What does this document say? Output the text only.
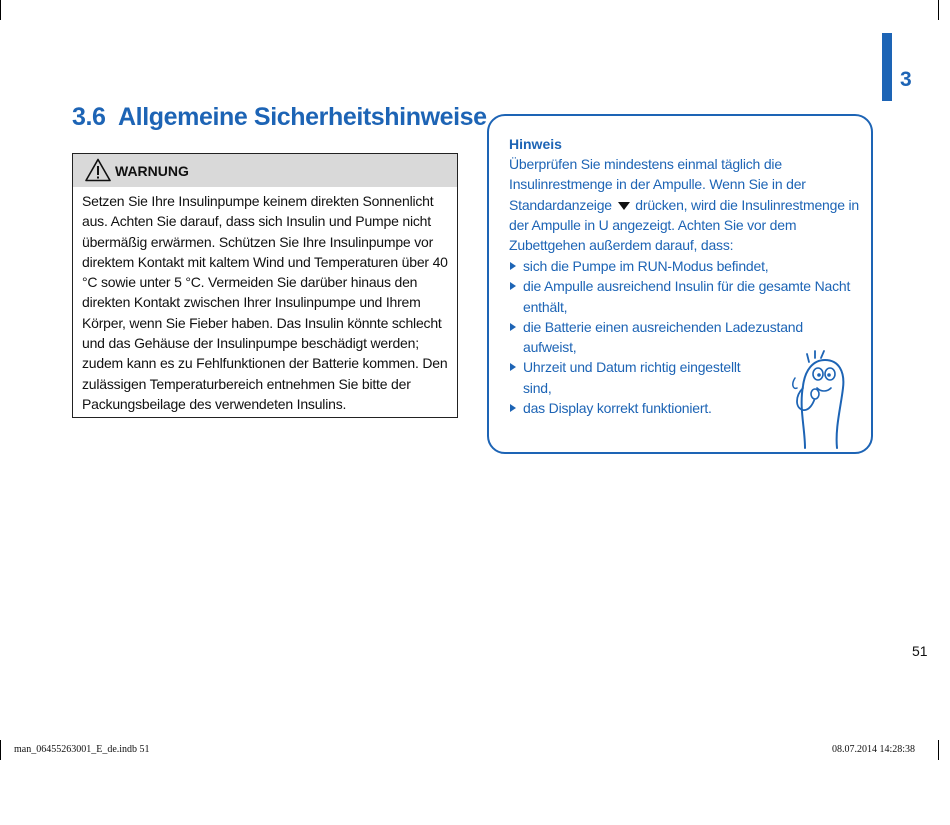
3
3.6 Allgemeine Sicherheitshinweise
WARNUNG
Setzen Sie Ihre Insulinpumpe keinem direkten Sonnenlicht aus. Achten Sie darauf, dass sich Insulin und Pumpe nicht übermäßig erwärmen. Schützen Sie Ihre Insulinpumpe vor direktem Kontakt mit kaltem Wind und Temperaturen über 40 °C sowie unter 5 °C. Vermeiden Sie darüber hinaus den direkten Kontakt zwischen Ihrer Insulinpumpe und Ihrem Körper, wenn Sie Fieber haben. Das Insulin könnte schlecht und das Gehäuse der Insulinpumpe beschädigt werden; zudem kann es zu Fehlfunktionen der Batterie kommen. Den zulässigen Temperaturbereich entnehmen Sie bitte der Packungsbeilage des verwendeten Insulins.
Hinweis
Überprüfen Sie mindestens einmal täglich die Insulinrestmenge in der Ampulle. Wenn Sie in der Standardanzeige  drücken, wird die Insulinrestmenge in der Ampulle in U angezeigt. Achten Sie vor dem Zubettgehen außerdem darauf, dass:
sich die Pumpe im RUN-Modus befindet,
die Ampulle ausreichend Insulin für die gesamte Nacht enthält,
die Batterie einen ausreichenden Ladezustand aufweist,
Uhrzeit und Datum richtig eingestellt sind,
das Display korrekt funktioniert.
51
man_06455263001_E_de.indb 51	08.07.2014 14:28:38
